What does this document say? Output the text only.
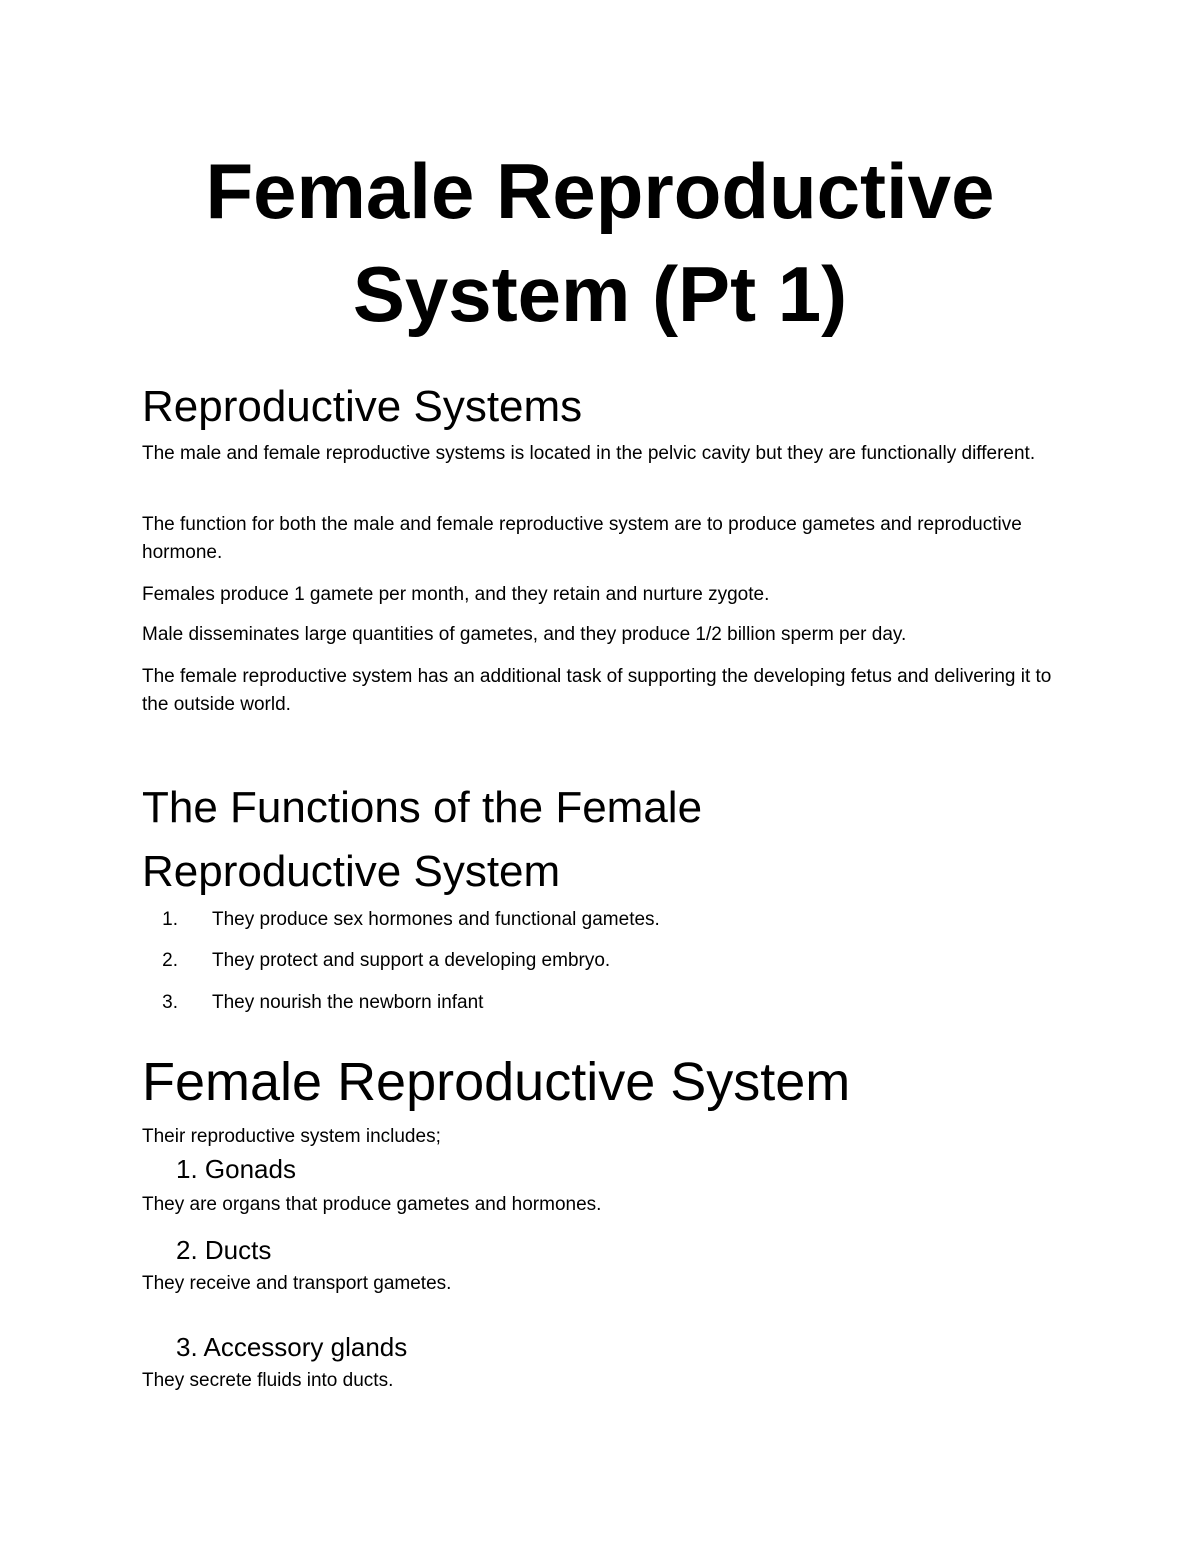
Female Reproductive
System (Pt 1)
Reproductive Systems

The male and female reproductive systems is located in the pelvic cavity but they are functionally different.

The function for both the male and female reproductive system are to produce gametes and reproductive hormone.

Females produce 1 gamete per month, and they retain and nurture zygote.

Male disseminates large quantities of gametes, and they produce 1/2 billion sperm per day.

The female reproductive system has an additional task of supporting the developing fetus and delivering it to the outside world.

The Functions of the Female
Reproductive System
1. They produce sex hormones and functional gametes.
2. They protect and support a developing embryo.
3. They nourish the newborn infant
Female Reproductive System

Their reproductive system includes;

1. Gonads

They are organs that produce gametes and hormones.

2. Ducts

They receive and transport gametes.

3. Accessory glands

They secrete fluids into ducts.
